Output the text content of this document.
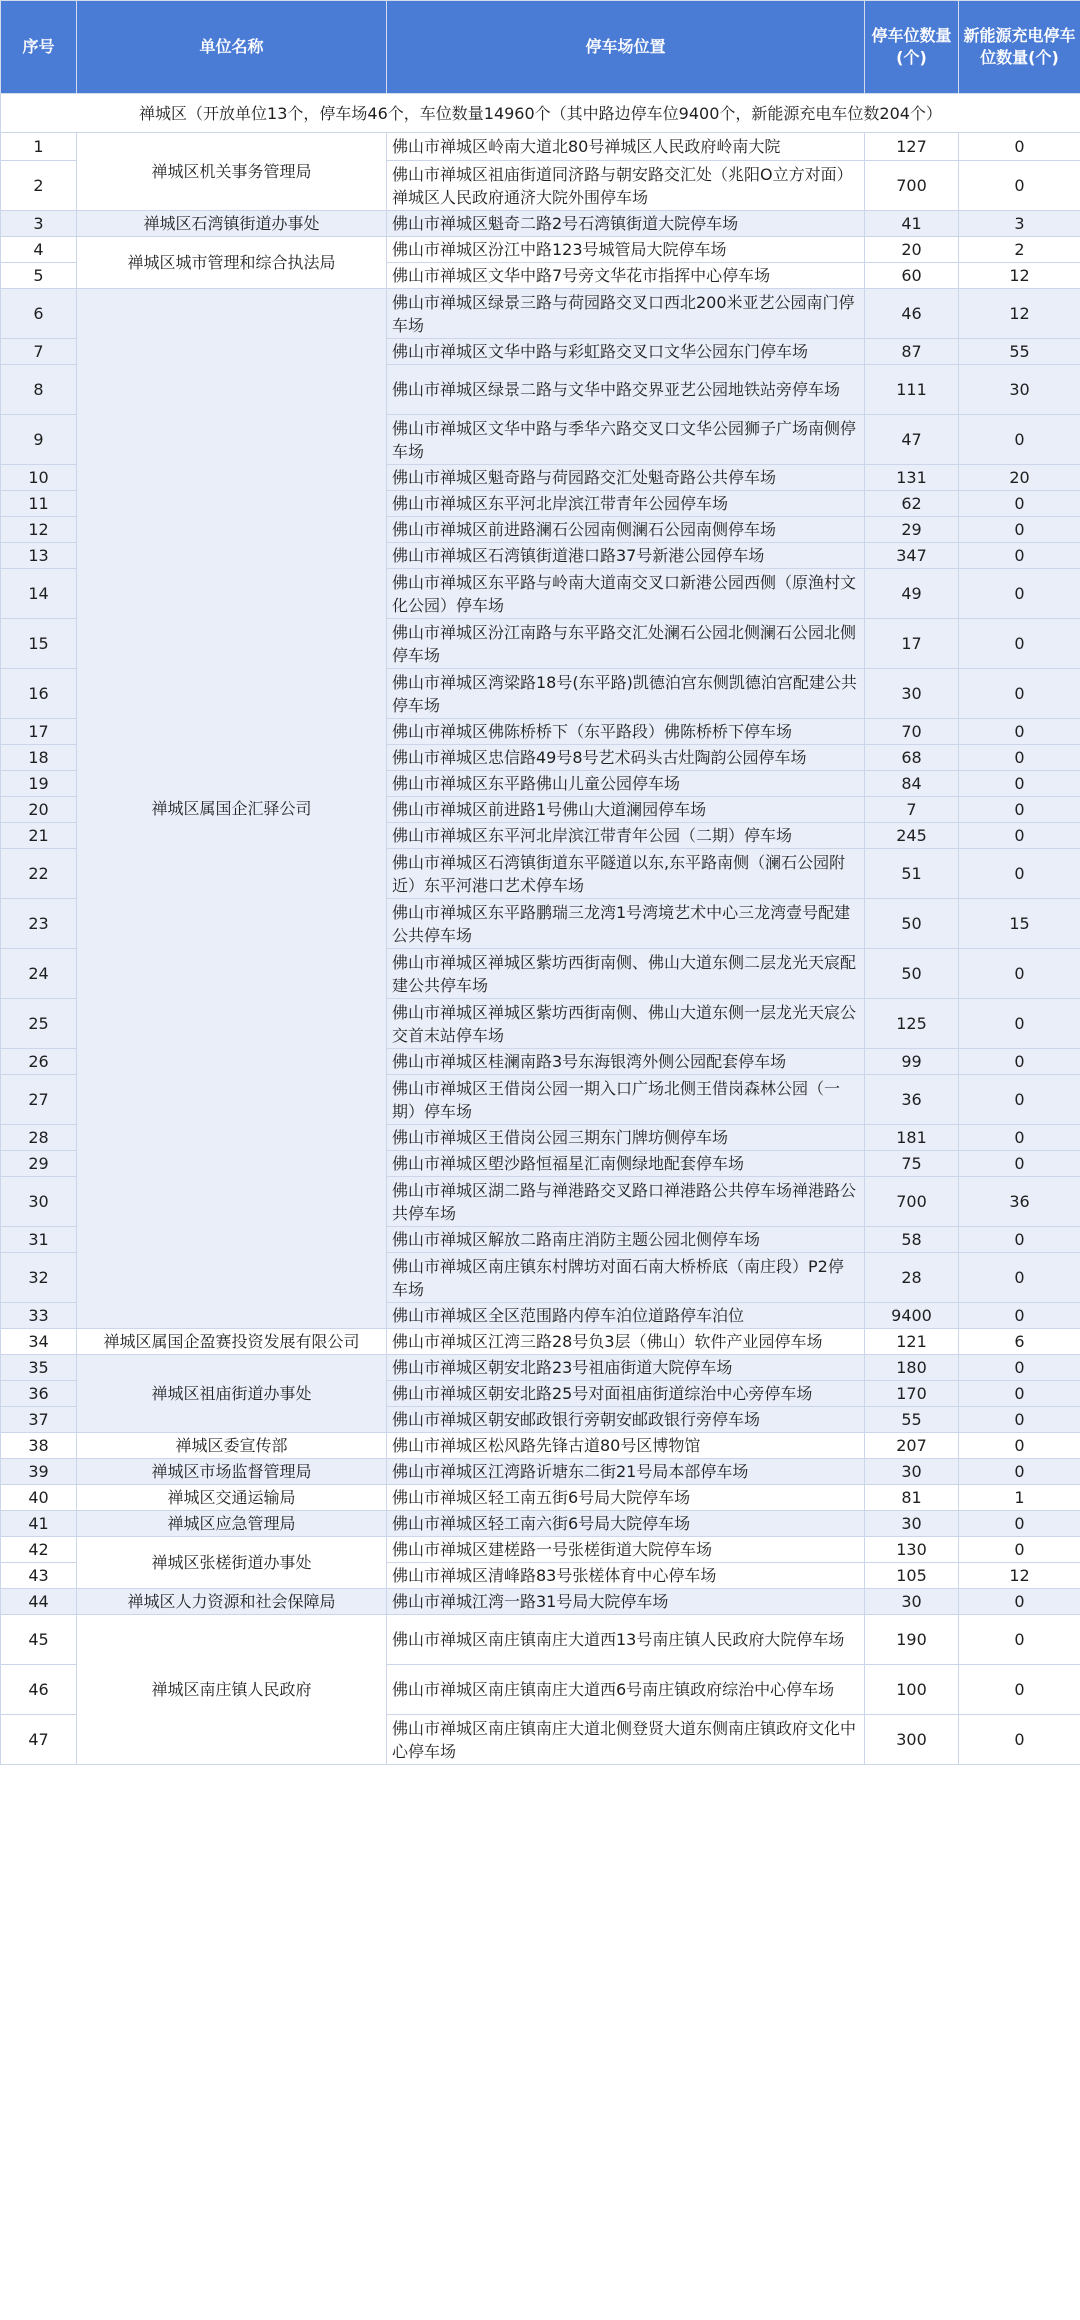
序号	单位名称	停车场位置	停车位数量(个)	新能源充电停车位数量(个)
禅城区（开放单位13个，停车场46个，车位数量14960个（其中路边停车位9400个，新能源充电车位数204个）				
1	禅城区机关事务管理局	佛山市禅城区岭南大道北80号禅城区人民政府岭南大院	127	0
2		佛山市禅城区祖庙街道同济路与朝安路交汇处（兆阳O立方对面）禅城区人民政府通济大院外围停车场	700	0
3	禅城区石湾镇街道办事处	佛山市禅城区魁奇二路2号石湾镇街道大院停车场	41	3
4	禅城区城市管理和综合执法局	佛山市禅城区汾江中路123号城管局大院停车场	20	2
5		佛山市禅城区文华中路7号旁文华花市指挥中心停车场	60	12
6	禅城区属国企汇驿公司	佛山市禅城区绿景三路与荷园路交叉口西北200米亚艺公园南门停车场	46	12
7		佛山市禅城区文华中路与彩虹路交叉口文华公园东门停车场	87	55
8		佛山市禅城区绿景二路与文华中路交界亚艺公园地铁站旁停车场	111	30
9		佛山市禅城区文华中路与季华六路交叉口文华公园狮子广场南侧停车场	47	0
10		佛山市禅城区魁奇路与荷园路交汇处魁奇路公共停车场	131	20
11		佛山市禅城区东平河北岸滨江带青年公园停车场	62	0
12		佛山市禅城区前进路澜石公园南侧澜石公园南侧停车场	29	0
13		佛山市禅城区石湾镇街道港口路37号新港公园停车场	347	0
14		佛山市禅城区东平路与岭南大道南交叉口新港公园西侧（原渔村文化公园）停车场	49	0
15		佛山市禅城区汾江南路与东平路交汇处澜石公园北侧澜石公园北侧停车场	17	0
16		佛山市禅城区湾梁路18号(东平路)凯德泊宫东侧凯德泊宫配建公共停车场	30	0
17		佛山市禅城区佛陈桥桥下（东平路段）佛陈桥桥下停车场	70	0
18		佛山市禅城区忠信路49号8号艺术码头古灶陶韵公园停车场	68	0
19		佛山市禅城区东平路佛山儿童公园停车场	84	0
20		佛山市禅城区前进路1号佛山大道澜园停车场	7	0
21		佛山市禅城区东平河北岸滨江带青年公园（二期）停车场	245	0
22		佛山市禅城区石湾镇街道东平隧道以东,东平路南侧（澜石公园附近）东平河港口艺术停车场	51	0
23		佛山市禅城区东平路鹏瑞三龙湾1号湾境艺术中心三龙湾壹号配建公共停车场	50	15
24		佛山市禅城区禅城区紫坊西街南侧、佛山大道东侧二层龙光天宸配建公共停车场	50	0
25		佛山市禅城区禅城区紫坊西街南侧、佛山大道东侧一层龙光天宸公交首末站停车场	125	0
26		佛山市禅城区桂澜南路3号东海银湾外侧公园配套停车场	99	0
27		佛山市禅城区王借岗公园一期入口广场北侧王借岗森林公园（一期）停车场	36	0
28		佛山市禅城区王借岗公园三期东门牌坊侧停车场	181	0
29		佛山市禅城区塱沙路恒福星汇南侧绿地配套停车场	75	0
30		佛山市禅城区湖二路与禅港路交叉路口禅港路公共停车场禅港路公共停车场	700	36
31		佛山市禅城区解放二路南庄消防主题公园北侧停车场	58	0
32		佛山市禅城区南庄镇东村牌坊对面石南大桥桥底（南庄段）P2停车场	28	0
33		佛山市禅城区全区范围路内停车泊位道路停车泊位	9400	0
34	禅城区属国企盈赛投资发展有限公司	佛山市禅城区江湾三路28号负3层（佛山）软件产业园停车场	121	6
35	禅城区祖庙街道办事处	佛山市禅城区朝安北路23号祖庙街道大院停车场	180	0
36		佛山市禅城区朝安北路25号对面祖庙街道综治中心旁停车场	170	0
37		佛山市禅城区朝安邮政银行旁朝安邮政银行旁停车场	55	0
38	禅城区委宣传部	佛山市禅城区松风路先锋古道80号区博物馆	207	0
39	禅城区市场监督管理局	佛山市禅城区江湾路䜣塘东二街21号局本部停车场	30	0
40	禅城区交通运输局	佛山市禅城区轻工南五街6号局大院停车场	81	1
41	禅城区应急管理局	佛山市禅城区轻工南六街6号局大院停车场	30	0
42	禅城区张槎街道办事处	佛山市禅城区建槎路一号张槎街道大院停车场	130	0
43		佛山市禅城区清峰路83号张槎体育中心停车场	105	12
44	禅城区人力资源和社会保障局	佛山市禅城江湾一路31号局大院停车场	30	0
45	禅城区南庄镇人民政府	佛山市禅城区南庄镇南庄大道西13号南庄镇人民政府大院停车场	190	0
46		佛山市禅城区南庄镇南庄大道西6号南庄镇政府综治中心停车场	100	0
47		佛山市禅城区南庄镇南庄大道北侧登贤大道东侧南庄镇政府文化中心停车场	300	0
